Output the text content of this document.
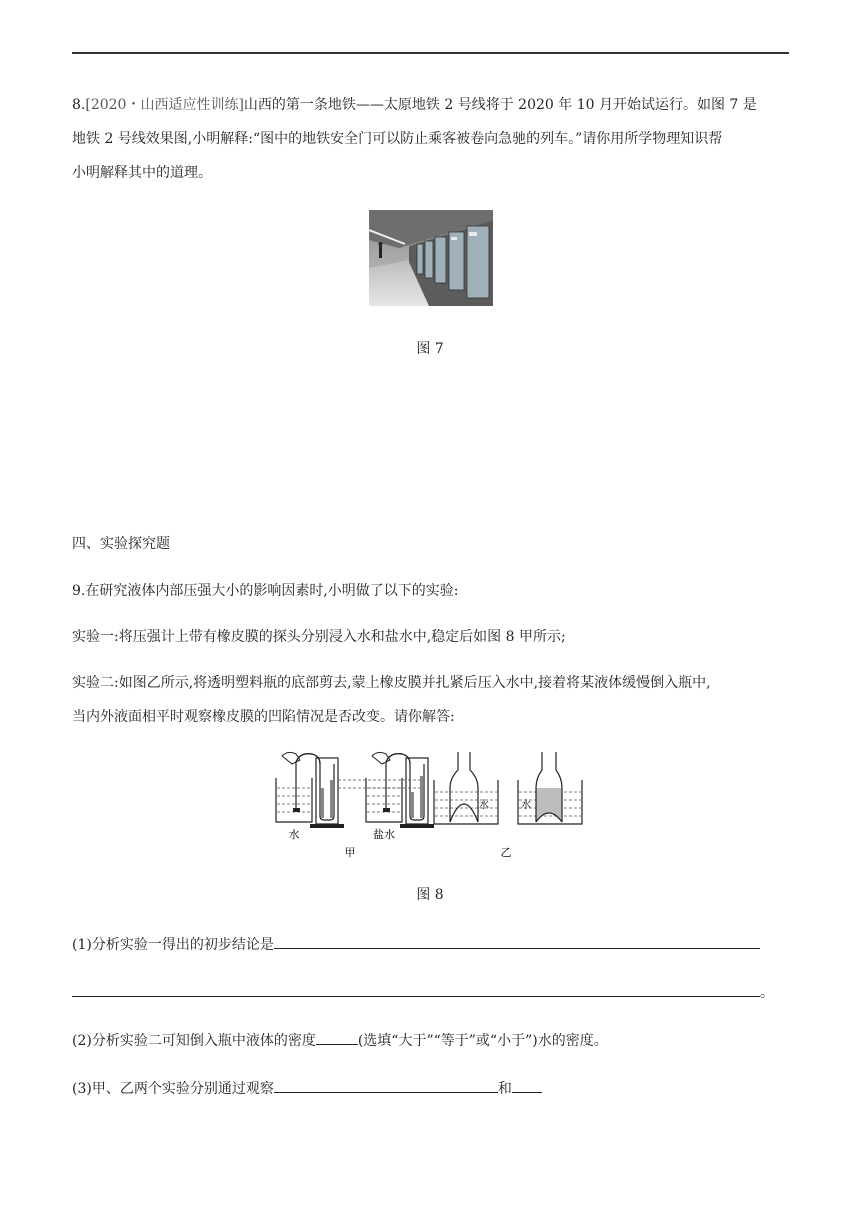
8.[2020・山西适应性训练]山西的第一条地铁——太原地铁 2 号线将于 2020 年 10 月开始试运行。如图 7 是
地铁 2 号线效果图,小明解释:“图中的地铁安全门可以防止乘客被卷向急驰的列车。”请你用所学物理知识帮
小明解释其中的道理。
图 7
四、实验探究题
9.在研究液体内部压强大小的影响因素时,小明做了以下的实验:
实验一:将压强计上带有橡皮膜的探头分别浸入水和盐水中,稳定后如图 8 甲所示;
实验二:如图乙所示,将透明塑料瓶的底部剪去,蒙上橡皮膜并扎紧后压入水中,接着将某液体缓慢倒入瓶中,
当内外液面相平时观察橡皮膜的凹陷情况是否改变。请你解答:
水	盐水
甲
水	水
乙
图 8
(1)分析实验一得出的初步结论是
。
(2)分析实验二可知倒入瓶中液体的密度	(选填“大于”“等于”或“小于”)水的密度。
(3)甲、乙两个实验分别通过观察	和
